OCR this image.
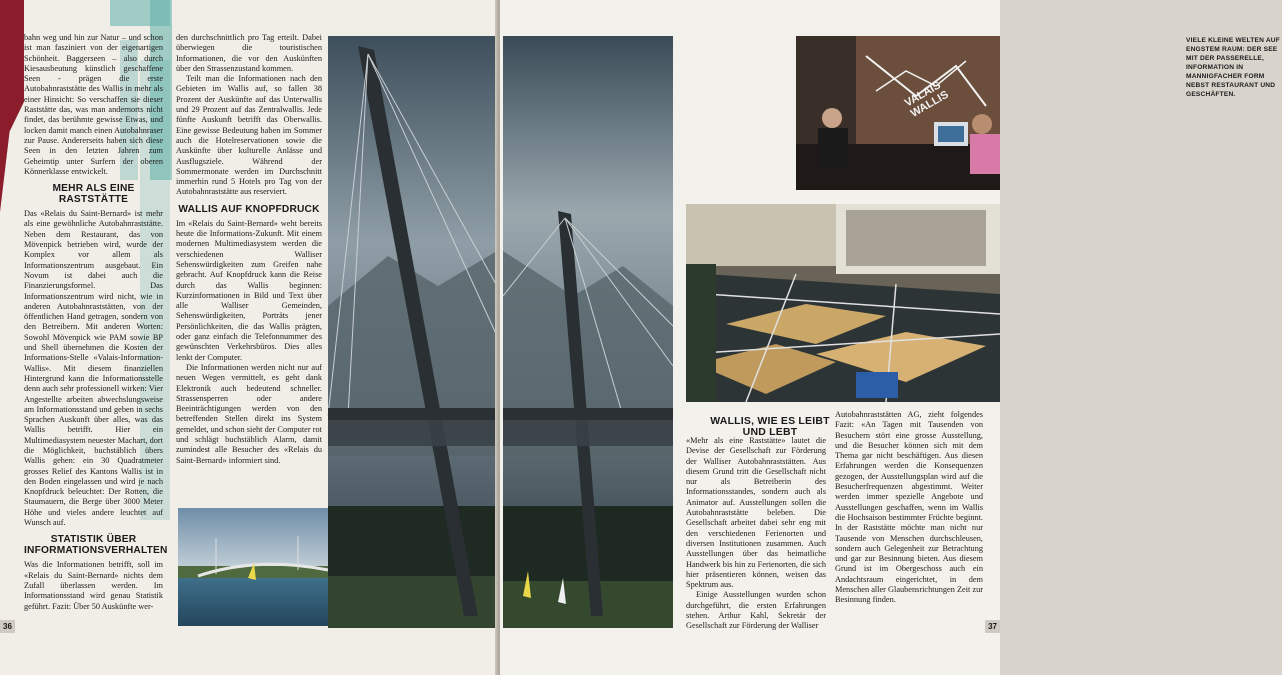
bahn weg und hin zur Natur – und schon ist man fasziniert von der eigenartigen Schönheit. Baggerseen – also durch Kiesausbeutung künstlich geschaffene Seen - prägen die erste Autobahnraststätte des Wallis in mehr als einer Hinsicht: So verschaffen sie dieser Raststätte das, was man andernorts nicht findet, das berühmte gewisse Etwas, und locken damit manch einen Autobahnraser zur Pause. Andererseits haben sich diese Seen in den letzten Jahren zum Geheimtip unter Surfern der oberen Könnerklasse entwickelt.

MEHR ALS EINE RASTSTÄTTE

Das «Relais du Saint-Bernard» ist mehr als eine gewöhnliche Autobahnraststätte. Neben dem Restaurant, das von Mövenpick betrieben wird, wurde der Komplex vor allem als Informationszentrum ausgebaut. Ein Novum ist dabei auch die Finanzierungsformel. Das Informationszentrum wird nicht, wie in anderen Autobahnraststätten, von der öffentlichen Hand getragen, sondern von den Betreibern. Mit anderen Worten: Sowohl Mövenpick wie PAM sowie BP und Shell übernehmen die Kosten der Informations-Stelle «Valais-Information-Wallis». Mit diesem finanziellen Hintergrund kann die Informationsstelle denn auch sehr professionell wirken: Vier Angestellte arbeiten abwechslungsweise am Informationsstand und geben in sechs Sprachen Auskunft über alles, was das Wallis betrifft. Hier ein Multimediasystem neuester Machart, dort die Möglichkeit, buchstäblich übers Wallis gehen: ein 30 Quadratmeter grosses Relief des Kantons Wallis ist in den Boden eingelassen und wird je nach Knopfdruck beleuchtet: Der Rotten, die Staumauern, die Berge über 3000 Meter Höhe und vieles andere leuchtet auf Wunsch auf.

STATISTIK ÜBER INFORMATIONSVERHALTEN

Was die Informationen betrifft, soll im «Relais du Saint-Bernard» nichts dem Zufall überlassen werden. Im Informationsstand wird genau Statistik geführt. Fazit: Über 50 Auskünfte wer-

den durchschnittlich pro Tag erteilt. Dabei überwiegen die touristischen Informationen, die vor den Auskünften über den Strassenzustand kommen.

Teilt man die Informationen nach den Gebieten im Wallis auf, so fallen 38 Prozent der Auskünfte auf das Unterwallis und 29 Prozent auf das Zentralwallis. Jede fünfte Auskunft betrifft das Oberwallis. Eine gewisse Bedeutung haben im Sommer auch die Hotelreservationen sowie die Auskünfte über kulturelle Anlässe und Ausflugsziele. Während der Sommermonate werden im Durchschnitt immerhin rund 5 Hotels pro Tag von der Autobahnraststätte aus reserviert.

WALLIS AUF KNOPFDRUCK

Im «Relais du Saint-Bernard» weht bereits heute die Informations-Zukunft. Mit einem modernen Multimediasystem werden die verschiedenen Walliser Sehenswürdigkeiten zum Greifen nahe gebracht. Auf Knopfdruck kann die Reise durch das Wallis beginnen: Kurzinformationen in Bild und Text über alle Walliser Gemeinden, Sehenswürdigkeiten, Porträts jener Persönlichkeiten, die das Wallis prägten, oder ganz einfach die Telefonnummer des gewünschten Verkehrsbüros. Dies alles lenkt der Computer.

Die Informationen werden nicht nur auf neuen Wegen vermittelt, es geht dank Elektronik auch bedeutend schneller. Strassensperren oder andere Beeinträchtigungen werden von den betreffenden Stellen direkt ins System gemeldet, und schon sieht der Computer rot und schlägt buchstäblich Alarm, damit zumindest alle Besucher des «Relais du Saint-Bernard» informiert sind.

36
VIELE KLEINE WELTEN AUF ENGSTEM RAUM: DER SEE MIT DER PASSERELLE, INFORMATION IN MANNIGFACHER FORM NEBST RESTAURANT UND GESCHÄFTEN.
VALAIS WALLIS
WALLIS, WIE ES LEIBT UND LEBT

«Mehr als eine Raststätte» lautet die Devise der Gesellschaft zur Förderung der Walliser Autobahnraststätten. Aus diesem Grund tritt die Gesellschaft nicht nur als Betreiberin des Informationsstandes, sondern auch als Animator auf. Ausstellungen sollen die Autobahnraststätte beleben. Die Gesellschaft arbeitet dabei sehr eng mit den verschiedenen Ferienorten und diversen Institutionen zusammen. Auch Ausstellungen über das heimatliche Handwerk bis hin zu Ferienorten, die sich hier präsentieren können, weisen das Spektrum aus.

Einige Ausstellungen wurden schon durchgeführt, die ersten Erfahrungen stehen. Arthur Kahl, Sekretär der Gesellschaft zur Förderung der Walliser

Autobahnraststätten AG, zieht folgendes Fazit: «An Tagen mit Tausenden von Besuchern stört eine grosse Ausstellung, und die Besucher können sich mit dem Thema gar nicht beschäftigen. Aus diesen Erfahrungen werden die Konsequenzen gezogen, der Ausstellungsplan wird auf die Besucherfrequenzen abgestimmt. Weiter werden immer spezielle Angebote und Ausstellungen geschaffen, wenn im Wallis die Hochsaison bestimmter Früchte beginnt. In der Raststätte möchte man nicht nur Tausende von Menschen durchschleusen, sondern auch Gelegenheit zur Betrachtung und gar zur Besinnung bieten. Aus diesem Grund ist im Obergeschoss auch ein Andachtsraum eingerichtet, in dem Menschen aller Glaubensrichtungen Zeit zur Besinnung finden.

37
